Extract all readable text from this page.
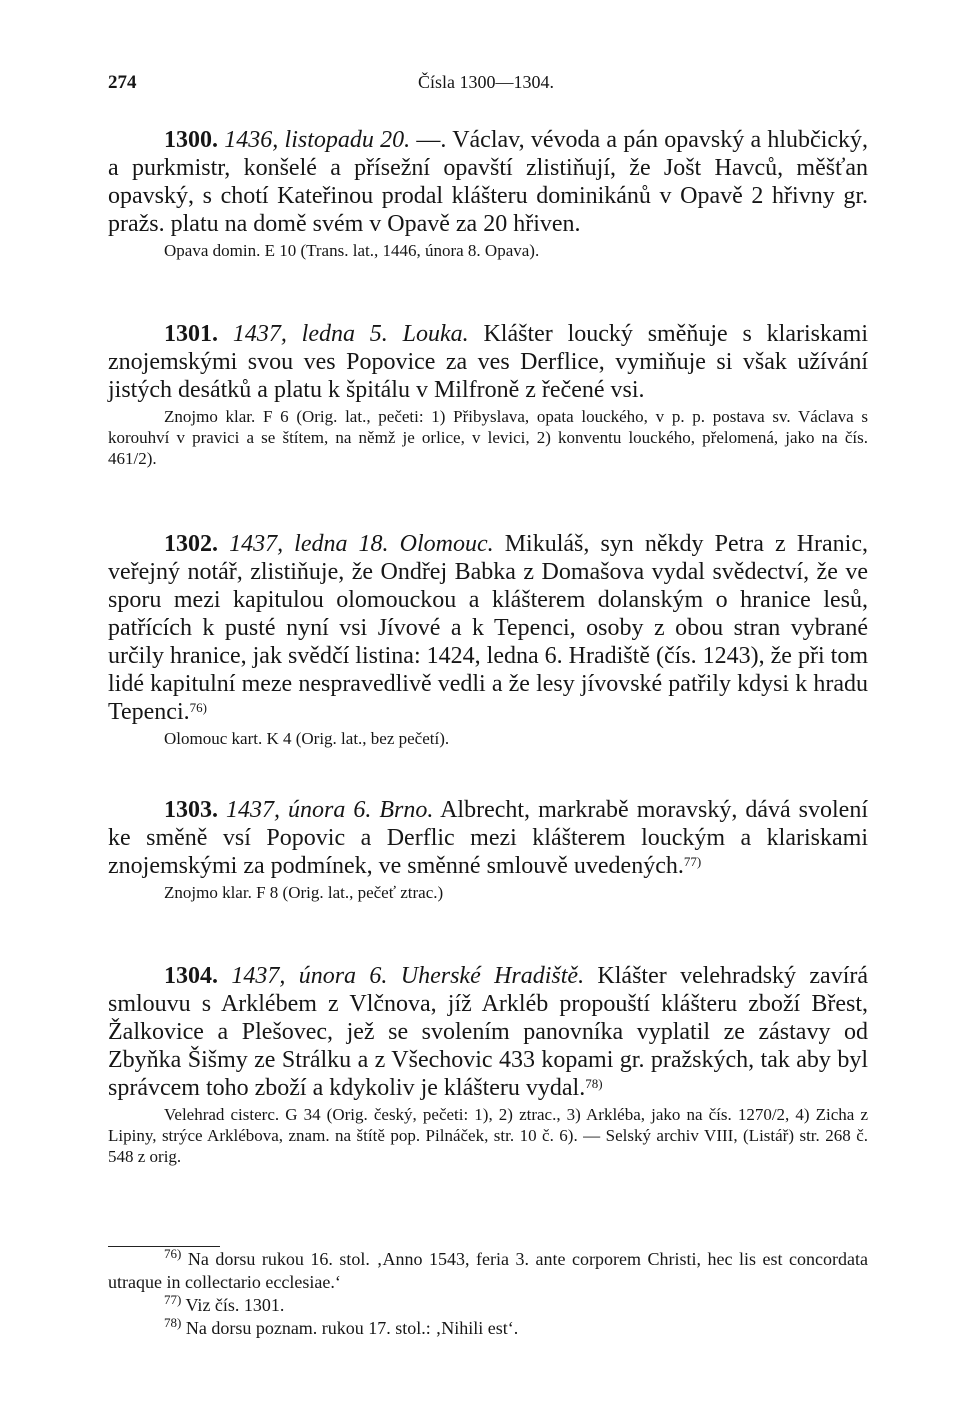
274	Čísla 1300—1304.

1300. 1436, listopadu 20. —. Václav, vévoda a pán opavský a hlubčický, a purkmistr, konšelé a přísežní opavští zlistiňují, že Jošt Havců, měšťan opavský, s chotí Kateřinou prodal klášteru dominikánů v Opavě 2 hřivny gr. pražs. platu na domě svém v Opavě za 20 hřiven.

Opava domin. E 10 (Trans. lat., 1446, února 8. Opava).

1301. 1437, ledna 5. Louka. Klášter loucký směňuje s klariskami znojemskými svou ves Popovice za ves Derflice, vymiňuje si však užívání jistých desátků a platu k špitálu v Milfroně z řečené vsi.

Znojmo klar. F 6 (Orig. lat., pečeti: 1) Přibyslava, opata louckého, v p. p. postava sv. Václava s korouhví v pravici a se štítem, na němž je orlice, v levici, 2) konventu louckého, přelomená, jako na čís. 461/2).

1302. 1437, ledna 18. Olomouc. Mikuláš, syn někdy Petra z Hranic, veřejný notář, zlistiňuje, že Ondřej Babka z Domašova vydal svědectví, že ve sporu mezi kapitulou olomouckou a klášterem dolanským o hranice lesů, patřících k pusté nyní vsi Jívové a k Tepenci, osoby z obou stran vybrané určily hranice, jak svědčí listina: 1424, ledna 6. Hradiště (čís. 1243), že při tom lidé kapitulní meze nespravedlivě vedli a že lesy jívovské patřily kdysi k hradu Tepenci.$^{76)}$

Olomouc kart. K 4 (Orig. lat., bez pečetí).

1303. 1437, února 6. Brno. Albrecht, markrabě moravský, dává svolení ke směně vsí Popovic a Derflic mezi klášterem louckým a klariskami znojemskými za podmínek, ve směnné smlouvě uvedených.$^{77)}$

Znojmo klar. F 8 (Orig. lat., pečeť ztrac.)

1304. 1437, února 6. Uherské Hradiště. Klášter velehradský zavírá smlouvu s Arklébem z Vlčnova, jíž Arkléb propouští klášteru zboží Břest, Žalkovice a Plešovec, jež se svolením panovníka vyplatil ze zástavy od Zbyňka Šišmy ze Strálku a z Všechovic 433 kopami gr. pražských, tak aby byl správcem toho zboží a kdykoliv je klášteru vydal.$^{78)}$

Velehrad cisterc. G 34 (Orig. český, pečeti: 1), 2) ztrac., 3) Arkléba, jako na čís. 1270/2, 4) Zicha z Lipiny, strýce Arklébova, znam. na štítě pop. Pilnáček, str. 10 č. 6). — Selský archiv VIII, (Listář) str. 268 č. 548 z orig.

$^{76)}$ Na dorsu rukou 16. stol. ‚Anno 1543, feria 3. ante corporem Christi, hec lis est concordata utraque in collectario ecclesiae.‘

$^{77)}$ Viz čís. 1301.

$^{78)}$ Na dorsu poznam. rukou 17. stol.: ‚Nihili est‘.
